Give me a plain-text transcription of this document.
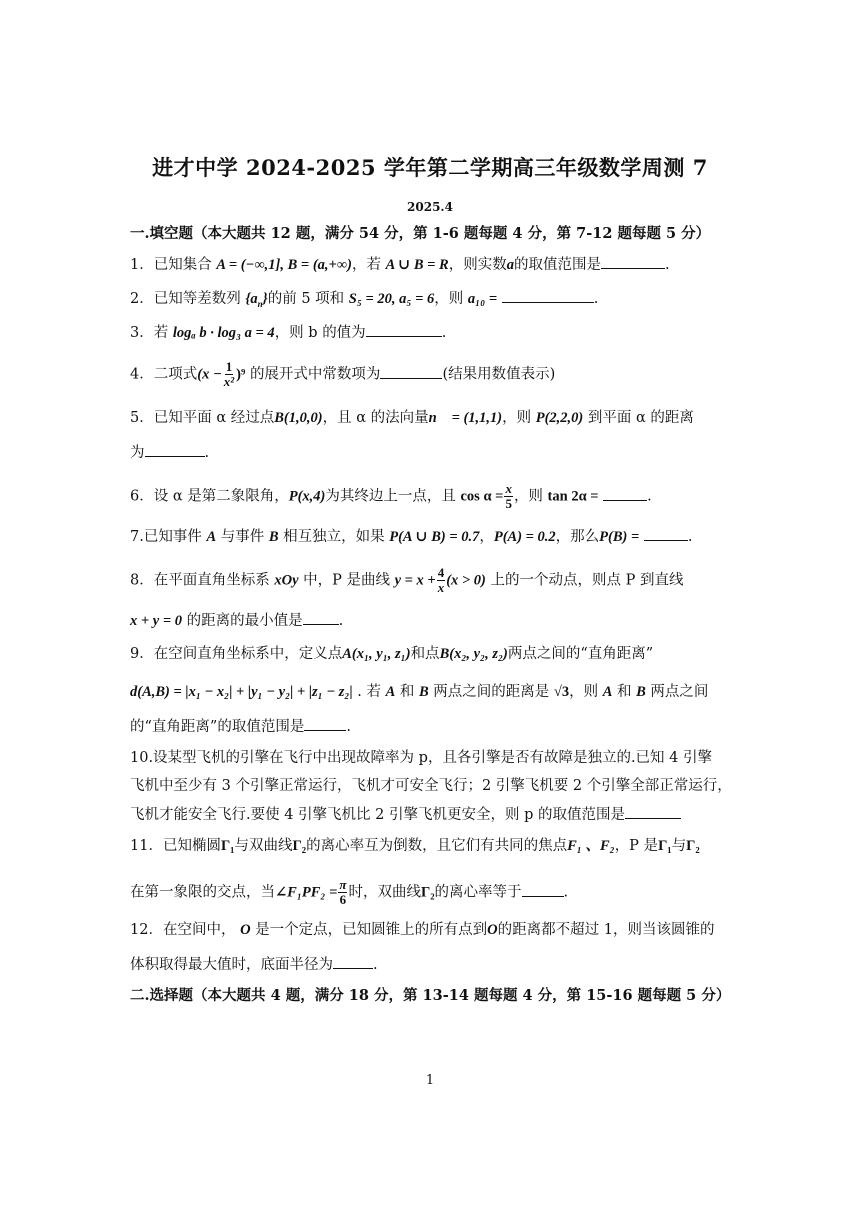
进才中学 2024-2025 学年第二学期高三年级数学周测 7
2025.4
一.填空题（本大题共 12 题，满分 54 分，第 1-6 题每题 4 分，第 7-12 题每题 5 分）
1．已知集合 A = (−∞,1], B = (a,+∞)，若 A ∪ B = R，则实数a的取值范围是	.
2．已知等差数列 $\{a_n\}$的前 5 项和 S₅ = 20, a₅ = 6，则 a₁₀ =	.
3．若 logₐ b · log₃ a = 4，则 b 的值为	.
4．二项式$(x - \frac{1}{\text{x²}} )^9$ 的展开式中常数项为	(结果用数值表示)
5．已知平面 α 经过点B(1,0,0)，且 α 的法向量n⃗ = (1,1,1)，则 P(2,2,0) 到平面 α 的距离
为	.
6．设 α 是第二象限角，P(x,4)为其终边上一点，且 $\cos \alpha = \frac{x}{5}$ ，则 tan 2α =	.
7.已知事件 A 与事件 B 相互独立，如果 P(A ∪ B) = 0.7，P(A) = 0.2，那么P(B) =	.
8．在平面直角坐标系 xOy 中，P 是曲线 $y = x + \frac{4}{x} (x > 0)$ 上的一个动点，则点 P 到直线
x + y = 0 的距离的最小值是 .
9．在空间直角坐标系中，定义点A(x₁, y₁, z₁)和点B(x₂, y₂, z₂)两点之间的“直角距离”
d(A,B) = |x₁ − x₂| + |y₁ − y₂| + |z₁ − z₂| . 若 A 和 B 两点之间的距离是 √3，则 A 和 B 两点之间
的“直角距离”的取值范围是	.
10.设某型飞机的引擎在飞行中出现故障率为 p，且各引擎是否有故障是独立的.已知 4 引擎
飞机中至少有 3 个引擎正常运行，飞机才可安全飞行；2 引擎飞机要 2 个引擎全部正常运行，
飞机才能安全飞行.要使 4 引擎飞机比 2 引擎飞机更安全，则 p 的取值范围是
11．已知椭圆Γ₁与双曲线Γ₂的离心率互为倒数，且它们有共同的焦点F₁ 、F₂，P 是Γ₁与Γ₂
在第一象限的交点，当∠F₁PF₂ = $\frac{\pi}{6}$ 时，双曲线Γ₂的离心率等于	.
12．在空间中， O 是一个定点，已知圆锥上的所有点到O的距离都不超过 1，则当该圆锥的
体积取得最大值时，底面半径为	.
二.选择题（本大题共 4 题，满分 18 分，第 13-14 题每题 4 分，第 15-16 题每题 5 分）
1
